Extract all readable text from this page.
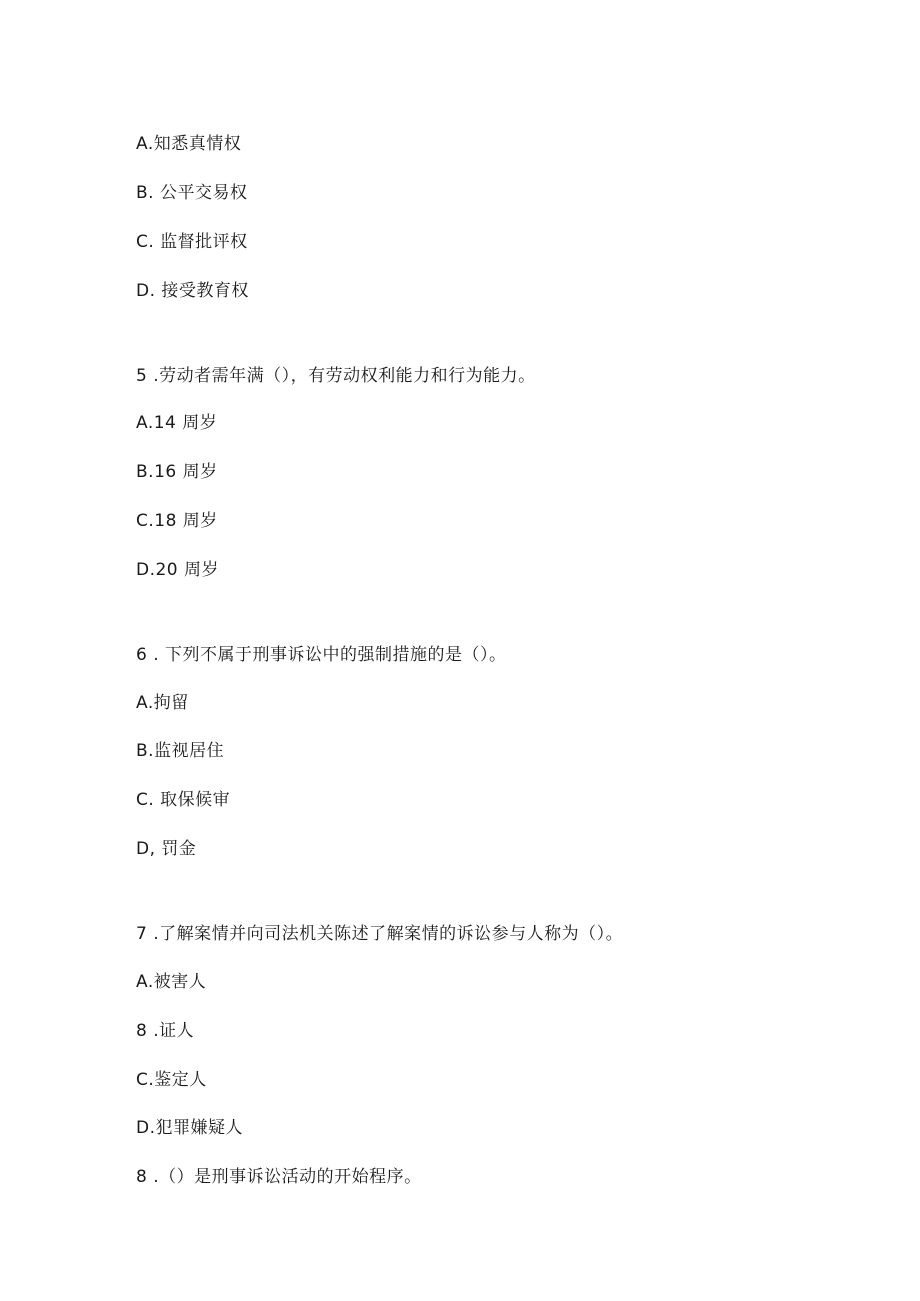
A.知悉真情权
B. 公平交易权
C. 监督批评权
D. 接受教育权
5 .劳动者需年满（），有劳动权利能力和行为能力。
A.14 周岁
B.16 周岁
C.18 周岁
D.20 周岁
6 . 下列不属于刑事诉讼中的强制措施的是（）。
A.拘留
B.监视居住
C. 取保候审
D, 罚金
7 .了解案情并向司法机关陈述了解案情的诉讼参与人称为（）。
A.被害人
8 .证人
C.鉴定人
D.犯罪嫌疑人
8 .（）是刑事诉讼活动的开始程序。
